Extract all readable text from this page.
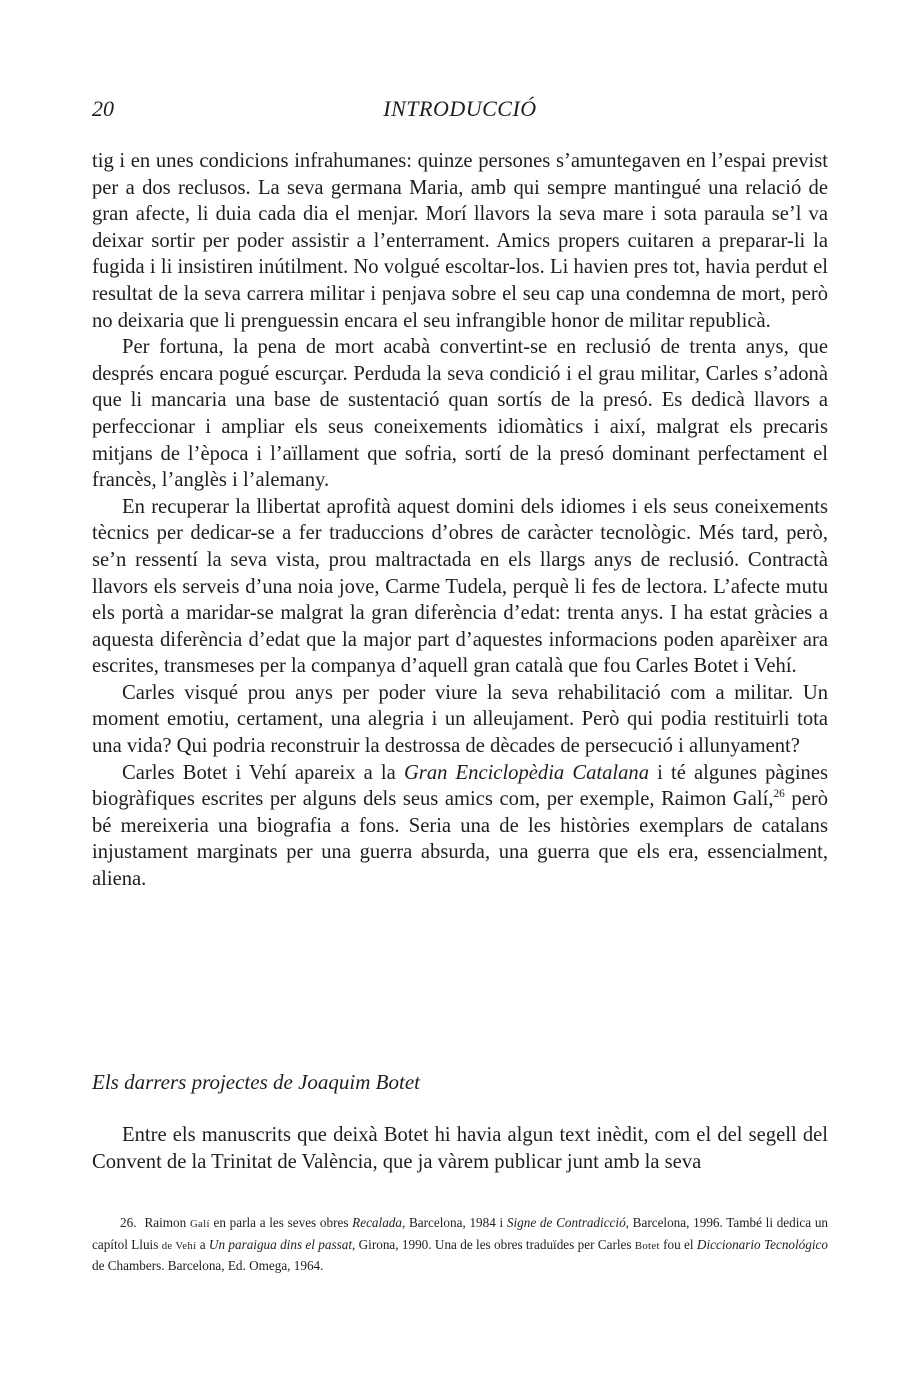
20	INTRODUCCIÓ

tig i en unes condicions infrahumanes: quinze persones s’amuntegaven en l’espai previst per a dos reclusos. La seva germana Maria, amb qui sempre mantingué una relació de gran afecte, li duia cada dia el menjar. Morí llavors la seva mare i sota paraula se’l va deixar sortir per poder assistir a l’enterrament. Amics propers cuitaren a preparar-li la fugida i li insistiren inútilment. No volgué escoltar-los. Li havien pres tot, havia perdut el resultat de la seva carrera militar i penjava sobre el seu cap una condemna de mort, però no deixaria que li prenguessin encara el seu infrangible honor de militar republicà.

Per fortuna, la pena de mort acabà convertint-se en reclusió de trenta anys, que després encara pogué escurçar. Perduda la seva condició i el grau militar, Carles s’adonà que li mancaria una base de sustentació quan sortís de la presó. Es dedicà llavors a perfeccionar i ampliar els seus coneixements idiomàtics i així, malgrat els precaris mitjans de l’època i l’aïllament que sofria, sortí de la presó dominant perfectament el francès, l’anglès i l’alemany.

En recuperar la llibertat aprofità aquest domini dels idiomes i els seus coneixements tècnics per dedicar-se a fer traduccions d’obres de caràcter tecnològic. Més tard, però, se’n ressentí la seva vista, prou maltractada en els llargs anys de reclusió. Contractà llavors els serveis d’una noia jove, Carme Tudela, perquè li fes de lectora. L’afecte mutu els portà a maridar-se malgrat la gran diferència d’edat: trenta anys. I ha estat gràcies a aquesta diferència d’edat que la major part d’aquestes informacions poden aparèixer ara escrites, transmeses per la companya d’aquell gran català que fou Carles Botet i Vehí.

Carles visqué prou anys per poder viure la seva rehabilitació com a militar. Un moment emotiu, certament, una alegria i un alleujament. Però qui podia restituirli tota una vida? Qui podria reconstruir la destrossa de dècades de persecució i allunyament?

Carles Botet i Vehí apareix a la Gran Enciclopèdia Catalana i té algunes pàgines biogràfiques escrites per alguns dels seus amics com, per exemple, Raimon Galí,$^{26}$ però bé mereixeria una biografia a fons. Seria una de les històries exemplars de catalans injustament marginats per una guerra absurda, una guerra que els era, essencialment, aliena.

Els darrers projectes de Joaquim Botet

Entre els manuscrits que deixà Botet hi havia algun text inèdit, com el del segell del Convent de la Trinitat de València, que ja vàrem publicar junt amb la seva

26. Raimon Galí en parla a les seves obres Recalada, Barcelona, 1984 i Signe de Contradicció, Barcelona, 1996. També li dedica un capítol Lluis de Vehí a Un paraigua dins el passat, Girona, 1990. Una de les obres traduïdes per Carles Botet fou el Diccionario Tecnológico de Chambers. Barcelona, Ed. Omega, 1964.
